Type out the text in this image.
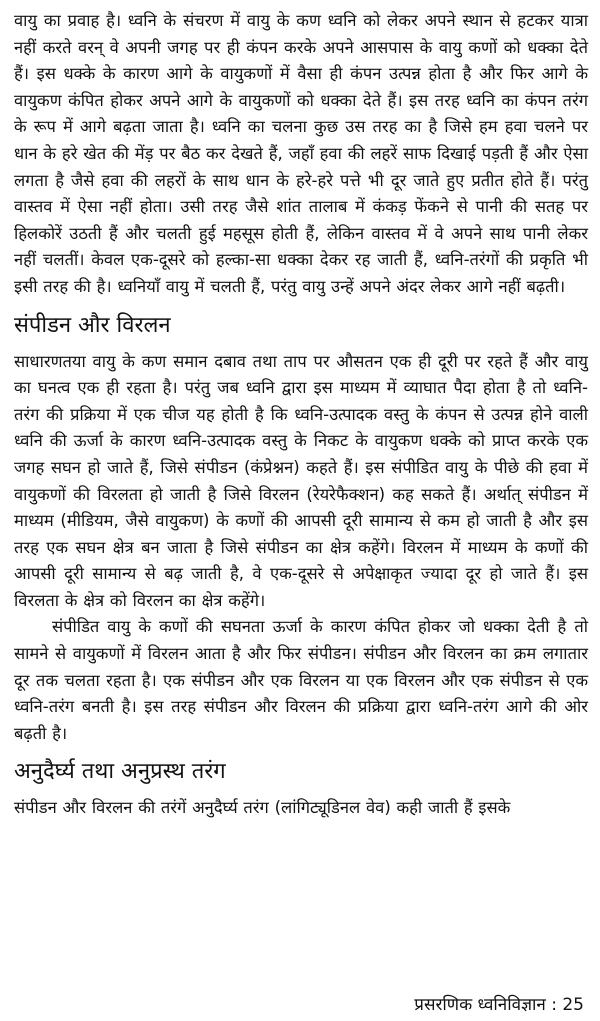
वायु का प्रवाह है। ध्वनि के संचरण में वायु के कण ध्वनि को लेकर अपने स्थान से हटकर यात्रा नहीं करते वरन् वे अपनी जगह पर ही कंपन करके अपने आसपास के वायु कणों को धक्का देते हैं। इस धक्के के कारण आगे के वायुकणों में वैसा ही कंपन उत्पन्न होता है और फिर आगे के वायुकण कंपित होकर अपने आगे के वायुकणों को धक्का देते हैं। इस तरह ध्वनि का कंपन तरंग के रूप में आगे बढ़ता जाता है। ध्वनि का चलना कुछ उस तरह का है जिसे हम हवा चलने पर धान के हरे खेत की मेंड़ पर बैठ कर देखते हैं, जहाँ हवा की लहरें साफ दिखाई पड़ती हैं और ऐसा लगता है जैसे हवा की लहरों के साथ धान के हरे-हरे पत्ते भी दूर जाते हुए प्रतीत होते हैं। परंतु वास्तव में ऐसा नहीं होता। उसी तरह जैसे शांत तालाब में कंकड़ फेंकने से पानी की सतह पर हिलकोरें उठती हैं और चलती हुई महसूस होती हैं, लेकिन वास्तव में वे अपने साथ पानी लेकर नहीं चलतीं। केवल एक-दूसरे को हल्का-सा धक्का देकर रह जाती हैं, ध्वनि-तरंगों की प्रकृति भी इसी तरह की है। ध्वनियाँ वायु में चलती हैं, परंतु वायु उन्हें अपने अंदर लेकर आगे नहीं बढ़ती।

संपीडन और विरलन

साधारणतया वायु के कण समान दबाव तथा ताप पर औसतन एक ही दूरी पर रहते हैं और वायु का घनत्व एक ही रहता है। परंतु जब ध्वनि द्वारा इस माध्यम में व्याघात पैदा होता है तो ध्वनि-तरंग की प्रक्रिया में एक चीज यह होती है कि ध्वनि-उत्पादक वस्तु के कंपन से उत्पन्न होने वाली ध्वनि की ऊर्जा के कारण ध्वनि-उत्पादक वस्तु के निकट के वायुकण धक्के को प्राप्त करके एक जगह सघन हो जाते हैं, जिसे संपीडन (कंप्रेश्नन) कहते हैं। इस संपीडित वायु के पीछे की हवा में वायुकणों की विरलता हो जाती है जिसे विरलन (रेयरेफैक्शन) कह सकते हैं। अर्थात् संपीडन में माध्यम (मीडियम, जैसे वायुकण) के कणों की आपसी दूरी सामान्य से कम हो जाती है और इस तरह एक सघन क्षेत्र बन जाता है जिसे संपीडन का क्षेत्र कहेंगे। विरलन में माध्यम के कणों की आपसी दूरी सामान्य से बढ़ जाती है, वे एक-दूसरे से अपेक्षाकृत ज्यादा दूर हो जाते हैं। इस विरलता के क्षेत्र को विरलन का क्षेत्र कहेंगे।

संपीडित वायु के कणों की सघनता ऊर्जा के कारण कंपित होकर जो धक्का देती है तो सामने से वायुकणों में विरलन आता है और फिर संपीडन। संपीडन और विरलन का क्रम लगातार दूर तक चलता रहता है। एक संपीडन और एक विरलन या एक विरलन और एक संपीडन से एक ध्वनि-तरंग बनती है। इस तरह संपीडन और विरलन की प्रक्रिया द्वारा ध्वनि-तरंग आगे की ओर बढ़ती है।

अनुदैर्घ्य तथा अनुप्रस्थ तरंग

संपीडन और विरलन की तरंगें अनुदैर्घ्य तरंग (लांगिट्यूडिनल वेव) कही जाती हैं इसके

प्रसरणिक ध्वनिविज्ञान : 25
